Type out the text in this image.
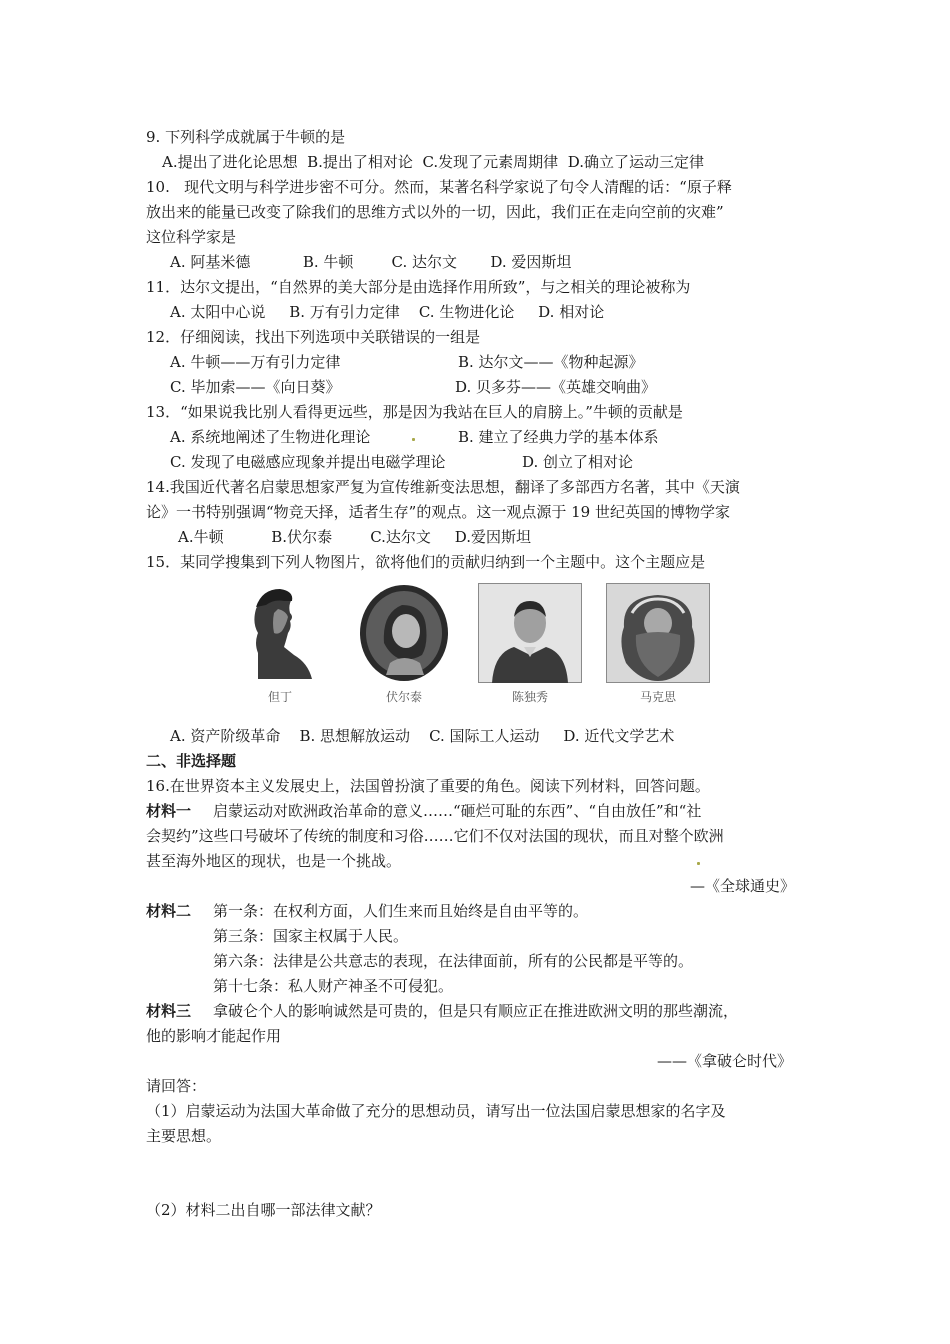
9. 下列科学成就属于牛顿的是
A.提出了进化论思想  B.提出了相对论  C.发现了元素周期律  D.确立了运动三定律
10.   现代文明与科学进步密不可分。然而，某著名科学家说了句令人清醒的话：“原子释
放出来的能量已改变了除我们的思维方式以外的一切，因此，我们正在走向空前的灾难”
这位科学家是
A. 阿基米德           B. 牛顿        C. 达尔文       D. 爱因斯坦
11．达尔文提出，“自然界的美大部分是由选择作用所致”，与之相关的理论被称为
A. 太阳中心说     B. 万有引力定律    C. 生物进化论     D. 相对论
12．仔细阅读，找出下列选项中关联错误的一组是
A. 牛顿——万有引力定律	B. 达尔文——《物种起源》
C. 毕加索——《向日葵》	D. 贝多芬——《英雄交响曲》
13．“如果说我比别人看得更远些，那是因为我站在巨人的肩膀上。”牛顿的贡献是
A. 系统地阐述了生物进化理论	B. 建立了经典力学的基本体系
C. 发现了电磁感应现象并提出电磁学理论	D. 创立了相对论
14.我国近代著名启蒙思想家严复为宣传维新变法思想，翻译了多部西方名著，其中《天演
论》一书特别强调“物竞天择，适者生存”的观点。这一观点源于 19 世纪英国的博物学家
A.牛顿          B.伏尔泰        C.达尔文     D.爱因斯坦
15．某同学搜集到下列人物图片，欲将他们的贡献归纳到一个主题中。这个主题应是
但丁	伏尔泰	陈独秀	马克思
A. 资产阶级革命    B. 思想解放运动    C. 国际工人运动     D. 近代文学艺术
二、非选择题
16.在世界资本主义发展史上，法国曾扮演了重要的角色。阅读下列材料，回答问题。
材料一 启蒙运动对欧洲政治革命的意义……“砸烂可耻的东西”、“自由放任”和“社
会契约”这些口号破坏了传统的制度和习俗……它们不仅对法国的现状，而且对整个欧洲
甚至海外地区的现状，也是一个挑战。
—《全球通史》
材料二 第一条：在权利方面，人们生来而且始终是自由平等的。
第三条：国家主权属于人民。
第六条：法律是公共意志的表现，在法律面前，所有的公民都是平等的。
第十七条：私人财产神圣不可侵犯。
材料三 拿破仑个人的影响诚然是可贵的，但是只有顺应正在推进欧洲文明的那些潮流，
他的影响才能起作用
——《拿破仑时代》
请回答：
（1）启蒙运动为法国大革命做了充分的思想动员，请写出一位法国启蒙思想家的名字及
主要思想。
（2）材料二出自哪一部法律文献？
